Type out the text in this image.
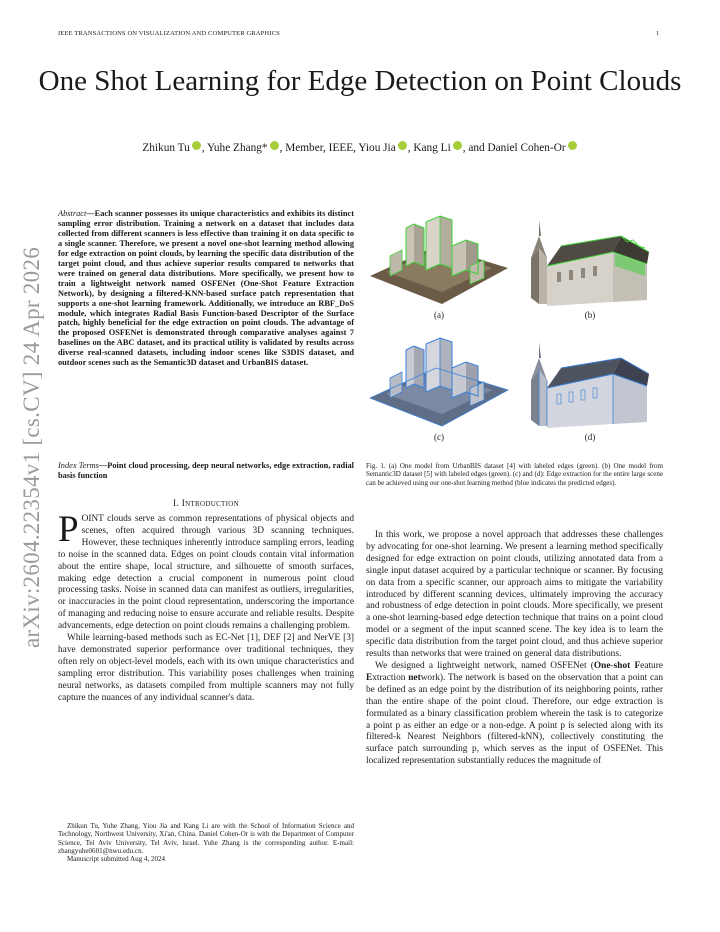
IEEE TRANSACTIONS ON VISUALIZATION AND COMPUTER GRAPHICS	1
arXiv:2604.22354v1 [cs.CV] 24 Apr 2026
One Shot Learning for Edge Detection on Point Clouds
Zhikun Tu , Yuhe Zhang* , Member, IEEE, Yiou Jia , Kang Li , and Daniel Cohen-Or
Abstract—Each scanner possesses its unique characteristics and exhibits its distinct sampling error distribution. Training a network on a dataset that includes data collected from different scanners is less effective than training it on data specific to a single scanner. Therefore, we present a novel one-shot learning method allowing for edge extraction on point clouds, by learning the specific data distribution of the target point cloud, and thus achieve superior results compared to networks that were trained on general data distributions. More specifically, we present how to train a lightweight network named OSFENet (One-Shot Feature Extraction Network), by designing a filtered-KNN-based surface patch representation that supports a one-shot learning framework. Additionally, we introduce an RBF_DoS module, which integrates Radial Basis Function-based Descriptor of the Surface patch, highly beneficial for the edge extraction on point clouds. The advantage of the proposed OSFENet is demonstrated through comparative analyses against 7 baselines on the ABC dataset, and its practical utility is validated by results across diverse real-scanned datasets, including indoor scenes like S3DIS dataset, and outdoor scenes such as the Semantic3D dataset and UrbanBIS dataset.
Index Terms—Point cloud processing, deep neural networks, edge extraction, radial basis function
I. Introduction

POINT clouds serve as common representations of physical objects and scenes, often acquired through various 3D scanning techniques. However, these techniques inherently introduce sampling errors, leading to noise in the scanned data. Edges on point clouds contain vital information about the entire shape, local structure, and silhouette of smooth surfaces, making edge detection a crucial component in numerous point cloud processing tasks. Noise in scanned data can manifest as outliers, irregularities, or inaccuracies in the point cloud representation, underscoring the importance of managing and reducing noise to ensure accurate and reliable results. Despite advancements, edge detection on point clouds remains a challenging problem.

While learning-based methods such as EC-Net [1], DEF [2] and NerVE [3] have demonstrated superior performance over traditional techniques, they often rely on object-level models, each with its own unique characteristics and sampling error distribution. This variability poses challenges when training neural networks, as datasets compiled from multiple scanners may not fully capture the nuances of any individual scanner's data.

Zhikun Tu, Yuhe Zhang, Yiou Jia and Kang Li are with the School of Information Science and Technology, Northwest University, Xi'an, China. Daniel Cohen-Or is with the Department of Computer Science, Tel Aviv University, Tel Aviv, Israel. Yuhe Zhang is the corresponding author. E-mail: zhangyuhe0601@nwu.edu.cn.

Manuscript submitted Aug 4, 2024

(a)	(b)
(c)	(d)
Fig. 1. (a) One model from UrbanBIS dataset [4] with labeled edges (green). (b) One model from Semantic3D dataset [5] with labeled edges (green). (c) and (d): Edge extraction for the entire large scene can be achieved using our one-shot learning method (blue indicates the predicted edges).

In this work, we propose a novel approach that addresses these challenges by advocating for one-shot learning. We present a learning method specifically designed for edge extraction on point clouds, utilizing annotated data from a single input dataset acquired by a particular technique or scanner. By focusing on data from a specific scanner, our approach aims to mitigate the variability introduced by different scanning devices, ultimately improving the accuracy and robustness of edge detection in point clouds. More specifically, we present a one-shot learning-based edge detection technique that trains on a point cloud model or a segment of the input scanned scene. The key idea is to learn the specific data distribution from the target point cloud, and thus achieve superior results than networks that were trained on general data distributions.

We designed a lightweight network, named OSFENet (One-shot Feature Extraction network). The network is based on the observation that a point can be defined as an edge point by the distribution of its neighboring points, rather than the entire shape of the point cloud. Therefore, our edge extraction is formulated as a binary classification problem wherein the task is to categorize a point p as either an edge or a non-edge. A point p is selected along with its filtered-k Nearest Neighbors (filtered-kNN), collectively constituting the surface patch surrounding p, which serves as the input of OSFENet. This localized representation substantially reduces the magnitude of
